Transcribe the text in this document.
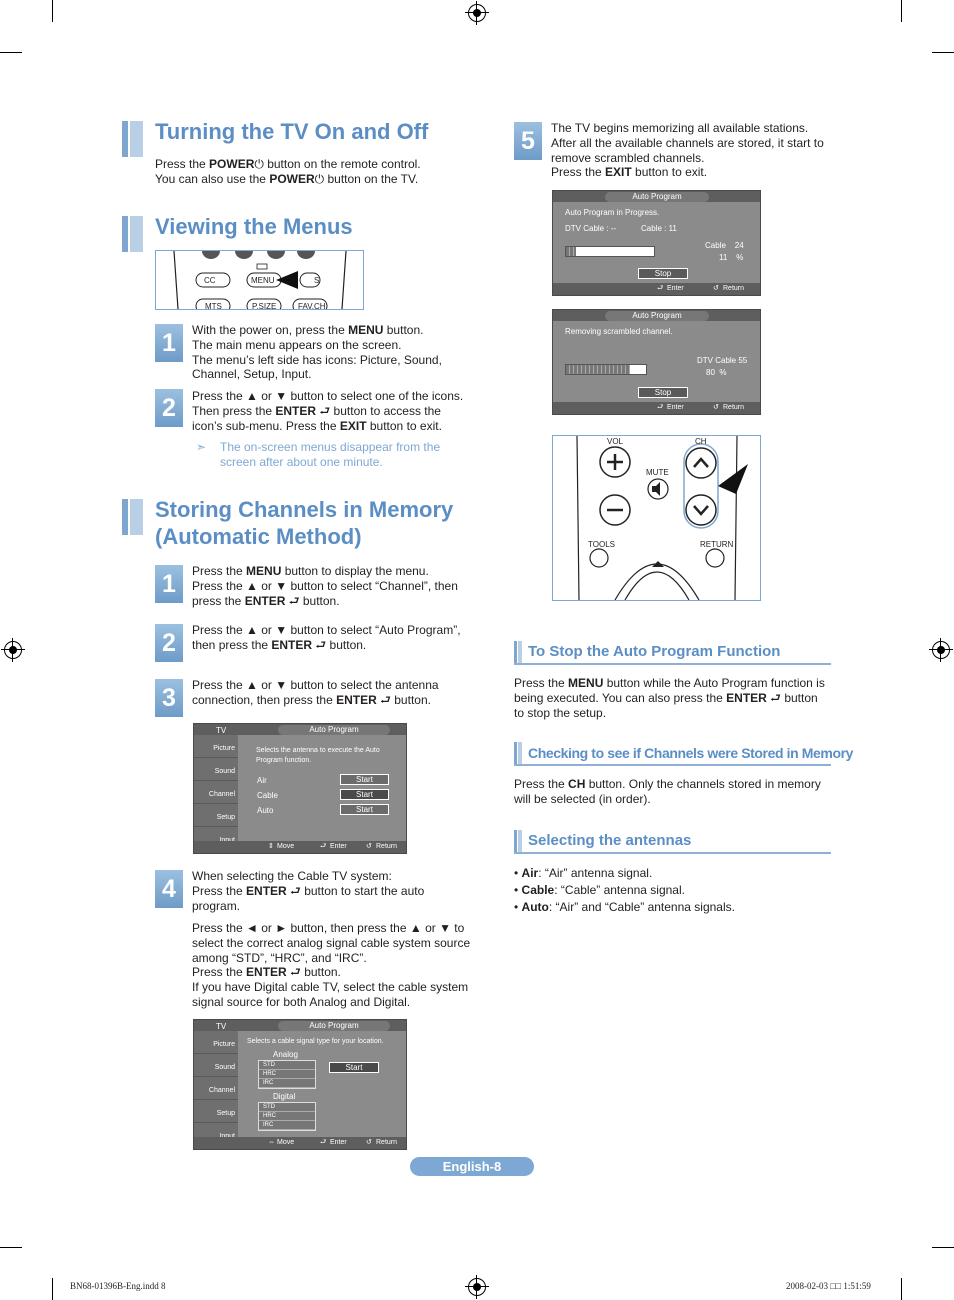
Turning the TV On and Off
Press the POWER⏻ button on the remote control.
You can also use the POWER⏻ button on the TV.
Viewing the Menus
CC	MENU	S
MTS	P.SIZE	FAV.CH
1	With the power on, press the MENU button.
The main menu appears on the screen.
The menu’s left side has icons: Picture, Sound,
Channel, Setup, Input.
2	Press the ▲ or ▼ button to select one of the icons.
Then press the ENTER ⮐ button to access the
icon’s sub-menu. Press the EXIT button to exit.
➣ The on-screen menus disappear from the
screen after about one minute.
Storing Channels in Memory
(Automatic Method)
1	Press the MENU button to display the menu.
Press the ▲ or ▼ button to select “Channel”, then
press the ENTER ⮐ button.
2	Press the ▲ or ▼ button to select “Auto Program”,
then press the ENTER ⮐ button.
3	Press the ▲ or ▼ button to select the antenna
connection, then press the ENTER ⮐ button.
TV	Auto Program
Picture
Sound
Channel
Setup
Selects the antenna to execute the Auto
Program function.
Air	Start
Cable	Start
Auto	Start
⇕ Move	⮐ Enter	↺ Return
4	When selecting the Cable TV system:
Press the ENTER ⮐ button to start the auto
program.
Press the ◄ or ► button, then press the ▲ or ▼ to
select the correct analog signal cable system source
among “STD”, “HRC”, and “IRC”.
Press the ENTER ⮐ button.
If you have Digital cable TV, select the cable system
signal source for both Analog and Digital.
TV	Auto Program
Picture
Sound
Channel
Setup
Selects a cable signal type for your location.
Analog
STD
HRC
IRC
Start
Digital
STD
HRC
IRC
⇔ Move	⮐ Enter	↺ Return
5	The TV begins memorizing all available stations.
After all the available channels are stored, it start to
remove scrambled channels.
Press the EXIT button to exit.
Auto Program
Auto Program in Progress.
DTV Cable : --	Cable : 11
Cable    24
11    %
Stop
⮐ Enter	↺ Return
Auto Program
Removing scrambled channel.
DTV Cable 55
80  %
Stop
⮐ Enter	↺ Return
VOL	CH
MUTE
TOOLS	RETURN
To Stop the Auto Program Function
Press the MENU button while the Auto Program function is
being executed. You can also press the ENTER ⮐ button
to stop the setup.
Checking to see if Channels were Stored in Memory
Press the CH button. Only the channels stored in memory
will be selected (in order).
Selecting the antennas
• Air: “Air” antenna signal.
• Cable: “Cable” antenna signal.
• Auto: “Air” and “Cable” antenna signals.
English-8
BN68-01396B-Eng.indd 8	2008-02-03 □□ 1:51:59
